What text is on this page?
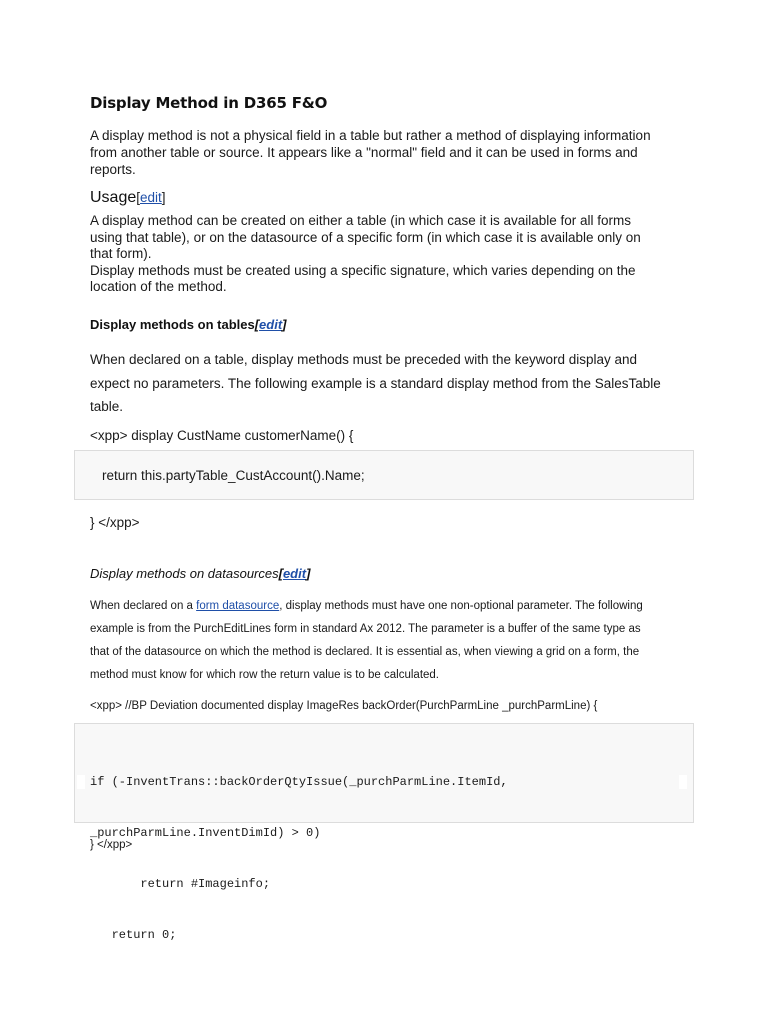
Display Method in D365 F&O
A display method is not a physical field in a table but rather a method of displaying information
from another table or source. It appears like a "normal" field and it can be used in forms and
reports.
Usage[edit]
A display method can be created on either a table (in which case it is available for all forms
using that table), or on the datasource of a specific form (in which case it is available only on
that form).
Display methods must be created using a specific signature, which varies depending on the
location of the method.
Display methods on tables[edit]
When declared on a table, display methods must be preceded with the keyword display and
expect no parameters. The following example is a standard display method from the SalesTable
table.
<xpp> display CustName customerName() {
return this.partyTable_CustAccount().Name;
} </xpp>
Display methods on datasources[edit]
When declared on a form datasource, display methods must have one non-optional parameter. The following
example is from the PurchEditLines form in standard Ax 2012. The parameter is a buffer of the same type as
that of the datasource on which the method is declared. It is essential as, when viewing a grid on a form, the
method must know for which row the return value is to be calculated.
<xpp> //BP Deviation documented display ImageRes backOrder(PurchParmLine _purchParmLine) {

if (-InventTrans::backOrderQtyIssue(_purchParmLine.ItemId,

_purchParmLine.InventDimId) > 0)

return #Imageinfo;

return 0;

} </xpp>
